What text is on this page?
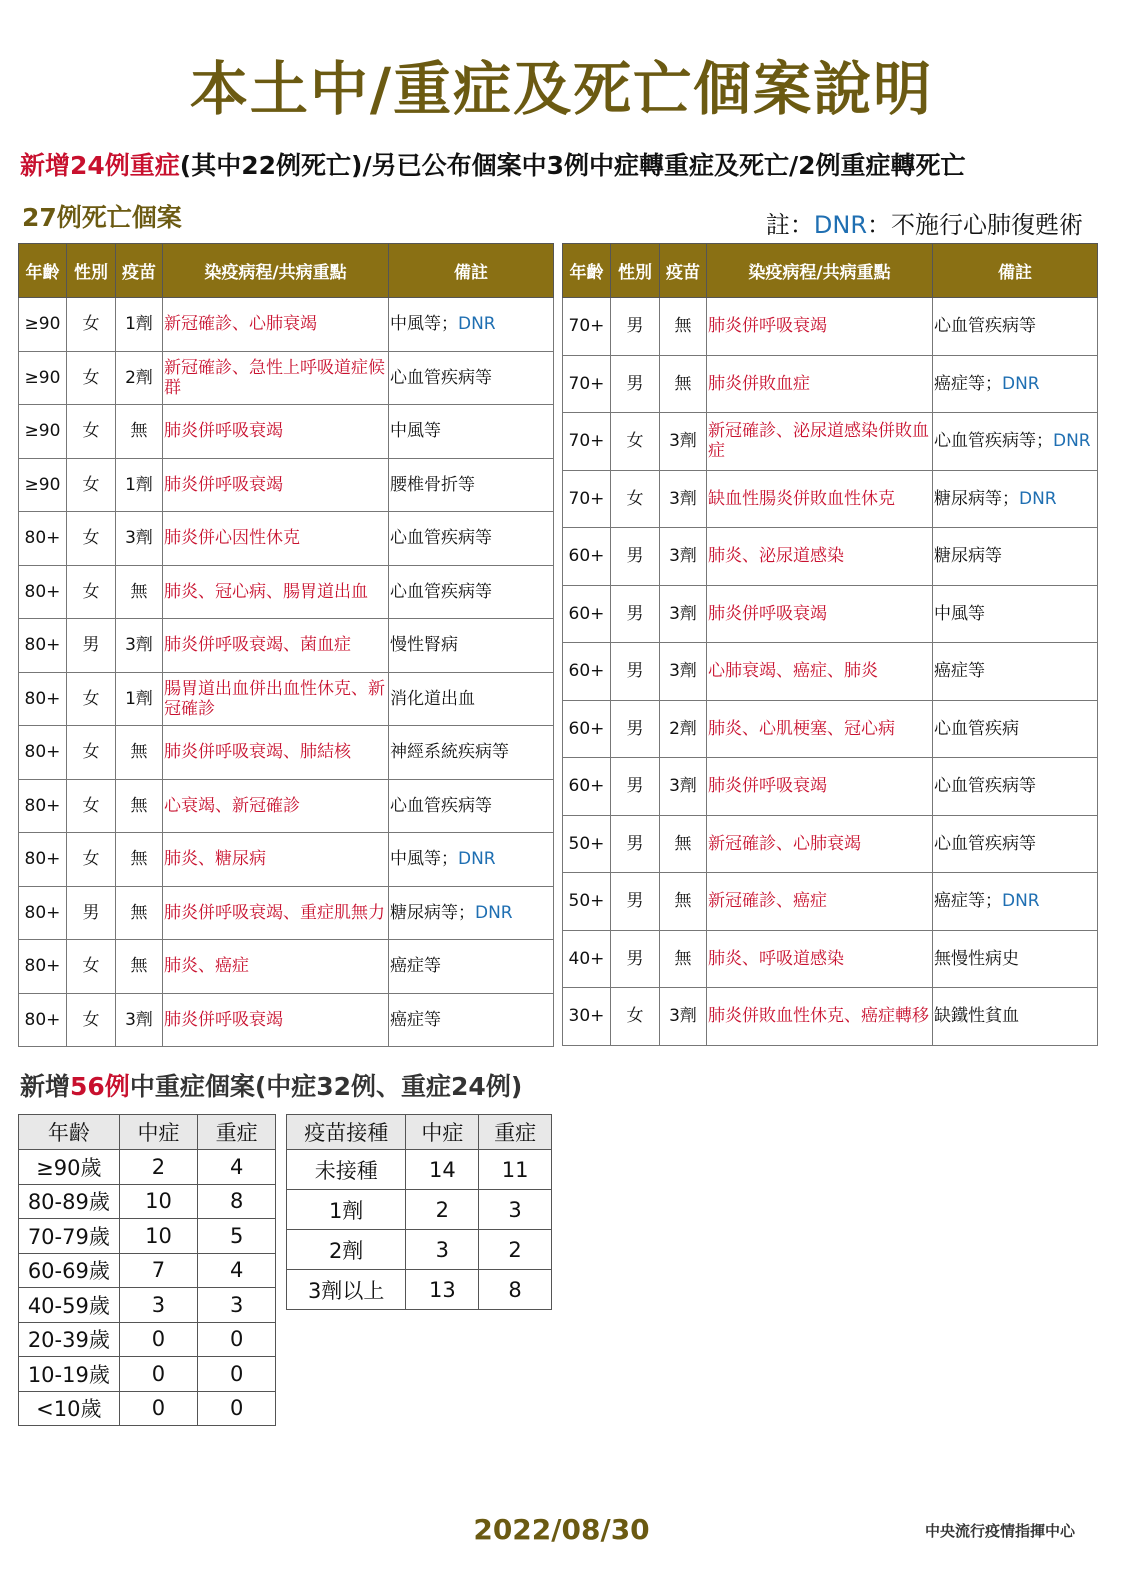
本土中/重症及死亡個案說明
新增24例重症(其中22例死亡)/另已公布個案中3例中症轉重症及死亡/2例重症轉死亡
27例死亡個案	註：DNR：不施行心肺復甦術
年齡	性別	疫苗	染疫病程/共病重點	備註
≥90	女	1劑	新冠確診、心肺衰竭	中風等；DNR
≥90	女	2劑	新冠確診、急性上呼吸道症候群	心血管疾病等
≥90	女	無	肺炎併呼吸衰竭	中風等
≥90	女	1劑	肺炎併呼吸衰竭	腰椎骨折等
80+	女	3劑	肺炎併心因性休克	心血管疾病等
80+	女	無	肺炎、冠心病、腸胃道出血	心血管疾病等
80+	男	3劑	肺炎併呼吸衰竭、菌血症	慢性腎病
80+	女	1劑	腸胃道出血併出血性休克、新冠確診	消化道出血
80+	女	無	肺炎併呼吸衰竭、肺結核	神經系統疾病等
80+	女	無	心衰竭、新冠確診	心血管疾病等
80+	女	無	肺炎、糖尿病	中風等；DNR
80+	男	無	肺炎併呼吸衰竭、重症肌無力	糖尿病等；DNR
80+	女	無	肺炎、癌症	癌症等
80+	女	3劑	肺炎併呼吸衰竭	癌症等
年齡	性別	疫苗	染疫病程/共病重點	備註
70+	男	無	肺炎併呼吸衰竭	心血管疾病等
70+	男	無	肺炎併敗血症	癌症等；DNR
70+	女	3劑	新冠確診、泌尿道感染併敗血症	心血管疾病等；DNR
70+	女	3劑	缺血性腸炎併敗血性休克	糖尿病等；DNR
60+	男	3劑	肺炎、泌尿道感染	糖尿病等
60+	男	3劑	肺炎併呼吸衰竭	中風等
60+	男	3劑	心肺衰竭、癌症、肺炎	癌症等
60+	男	2劑	肺炎、心肌梗塞、冠心病	心血管疾病
60+	男	3劑	肺炎併呼吸衰竭	心血管疾病等
50+	男	無	新冠確診、心肺衰竭	心血管疾病等
50+	男	無	新冠確診、癌症	癌症等；DNR
40+	男	無	肺炎、呼吸道感染	無慢性病史
30+	女	3劑	肺炎併敗血性休克、癌症轉移	缺鐵性貧血
新增56例中重症個案(中症32例、重症24例)
年齡	中症	重症
≥90歲	2	4
80-89歲	10	8
70-79歲	10	5
60-69歲	7	4
40-59歲	3	3
20-39歲	0	0
10-19歲	0	0
<10歲	0	0
疫苗接種	中症	重症
未接種	14	11
1劑	2	3
2劑	3	2
3劑以上	13	8
2022/08/30	中央流行疫情指揮中心
